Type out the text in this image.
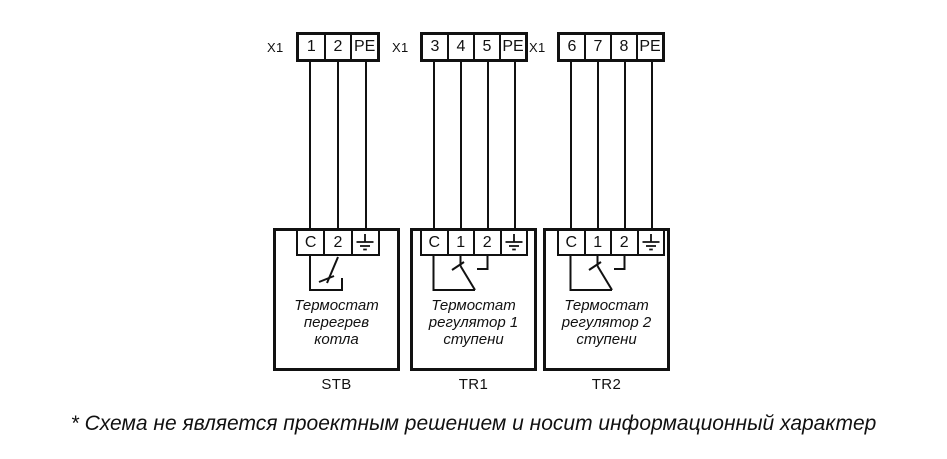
X1 1 2 PE
C 2
Термостат
перегрев
котла
STB
X1 3 4 5 PE
C 1 2
Термостат
регулятор 1
ступени
TR1
X1 6 7 8 PE
C 1 2
Термостат
регулятор 2
ступени
TR2
* Схема не является проектным решением и носит информационный характер
